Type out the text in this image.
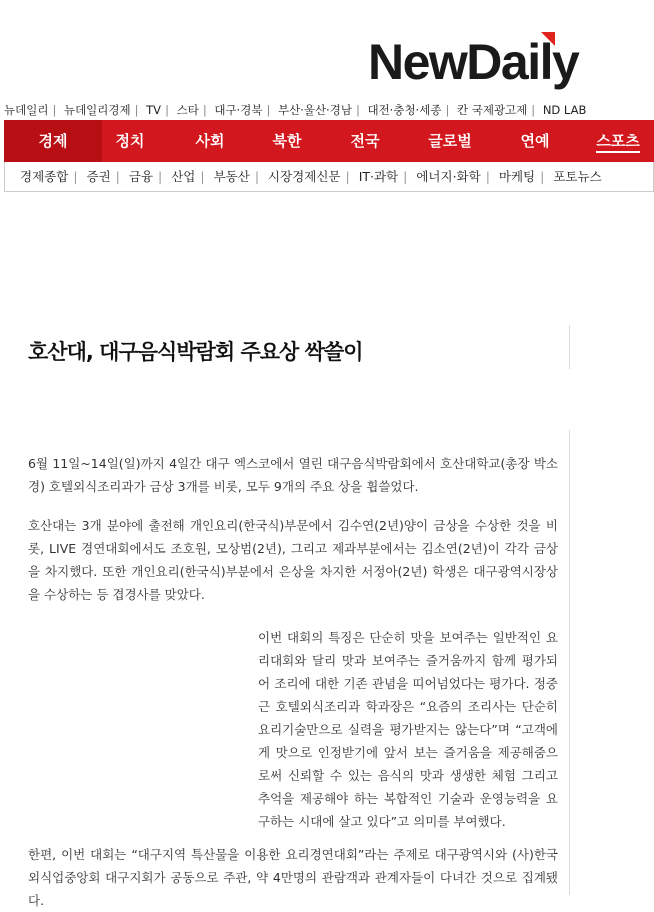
NewDaily
뉴데일리 | 뉴데일리경제 | TV | 스타 | 대구·경북 | 부산·울산·경남 | 대전·충청·세종 | 칸 국제광고제 | ND LAB
경제	정치	사회	북한	전국	글로벌	연예	스포츠
경제종합 | 증권 | 금융 | 산업 | 부동산 | 시장경제신문 | IT·과학 | 에너지·화학 | 마케팅 | 포토뉴스
호산대, 대구음식박람회 주요상 싹쓸이

6월 11일~14일(일)까지 4일간 대구 엑스코에서 열린 대구음식박람회에서 호산대학교(총장 박소경) 호텔외식조리과가 금상 3개를 비롯, 모두 9개의 주요 상을 휩쓸었다.

호산대는 3개 분야에 출전해 개인요리(한국식)부문에서 김수연(2년)양이 금상을 수상한 것을 비롯, LIVE 경연대회에서도 조호원, 모상범(2년), 그리고 제과부분에서는 김소연(2년)이 각각 금상을 차지했다. 또한 개인요리(한국식)부분에서 은상을 차지한 서정아(2년) 학생은 대구광역시장상을 수상하는 등 겹경사를 맞았다.

이번 대회의 특징은 단순히 맛을 보여주는 일반적인 요리대회와 달리 맛과 보여주는 즐거움까지 함께 평가되어 조리에 대한 기존 관념을 띠어넘었다는 평가다. 정중근 호텔외식조리과 학과장은 “요즘의 조리사는 단순히 요리기술만으로 실력을 평가받지는 않는다”며 “고객에게 맛으로 인정받기에 앞서 보는 즐거움을 제공해줌으로써 신뢰할 수 있는 음식의 맛과 생생한 체험 그리고 추억을 제공해야 하는 복합적인 기술과 운영능력을 요구하는 시대에 살고 있다”고 의미를 부여했다.

한편, 이번 대회는 “대구지역 특산물을 이용한 요리경연대회”라는 주제로 대구광역시와 (사)한국 외식업중앙회 대구지회가 공동으로 주관, 약 4만명의 관람객과 관계자들이 다녀간 것으로 집계됐다.
